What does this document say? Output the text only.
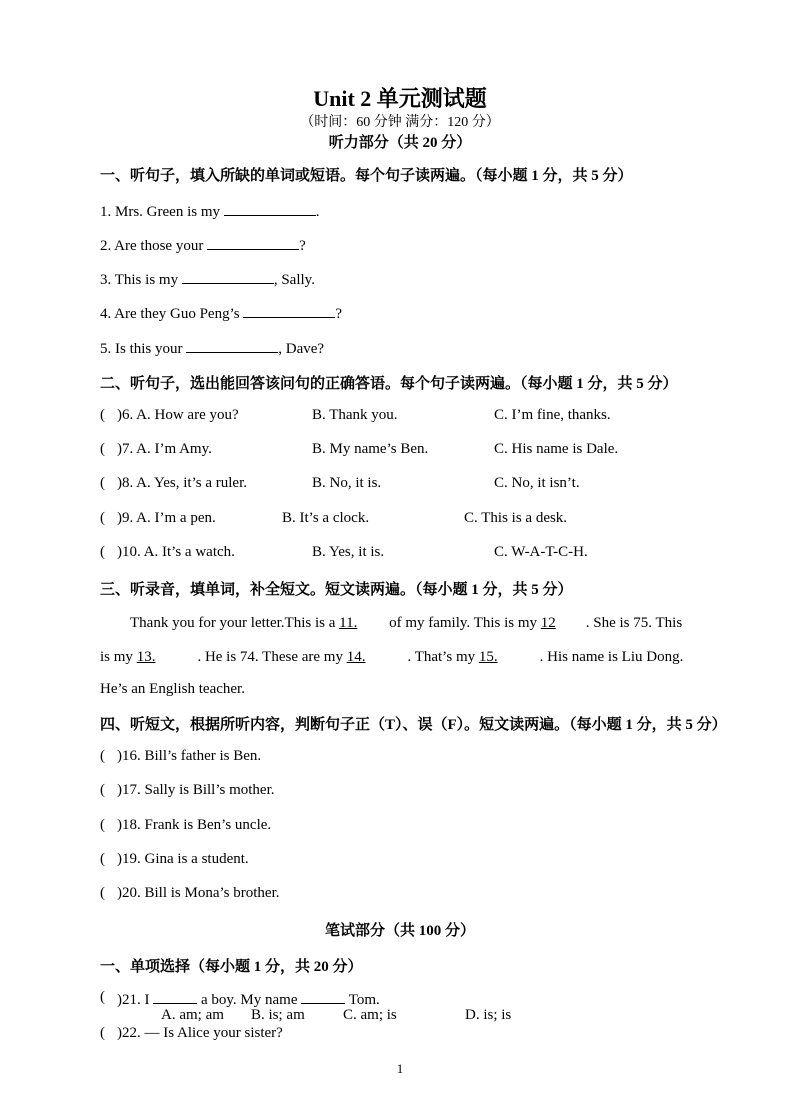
Unit 2 单元测试题
（时间：60 分钟 满分：120 分）
听力部分（共 20 分）
一、听句子，填入所缺的单词或短语。每个句子读两遍。（每小题 1 分，共 5 分）
1. Mrs. Green is my	.
2. Are those your	?
3. This is my	, Sally.
4. Are they Guo Peng’s	?
5. Is this your	, Dave?
二、听句子，选出能回答该问句的正确答语。每个句子读两遍。（每小题 1 分，共 5 分）
( )6. A. How are you?	B. Thank you.	C. I’m fine, thanks.
( )7. A. I’m Amy.	B. My name’s Ben.	C. His name is Dale.
( )8. A. Yes, it’s a ruler.	B. No, it is.	C. No, it isn’t.
( )9. A. I’m a pen.	B. It’s a clock.	C. This is a desk.
( )10. A. It’s a watch.	B. Yes, it is.	C. W-A-T-C-H.
三、听录音，填单词，补全短文。短文读两遍。（每小题 1 分，共 5 分）
Thank you for your letter.This is a 11. of my family. This is my 12 . She is 75. This
is my 13.	. He is 74. These are my 14.	. That’s my 15.	. His name is Liu Dong.
He’s an English teacher.
四、听短文，根据所听内容，判断句子正（T）、误（F）。短文读两遍。（每小题 1 分，共 5 分）
( )16. Bill’s father is Ben.
( )17. Sally is Bill’s mother.
( )18. Frank is Ben’s uncle.
( )19. Gina is a student.
( )20. Bill is Mona’s brother.
笔试部分（共 100 分）
一、单项选择（每小题 1 分，共 20 分）
( )21. I	a boy. My name	Tom.
A. am; am B. is; am	C. am; is	D. is; is
( )22. — Is Alice your sister?
1
